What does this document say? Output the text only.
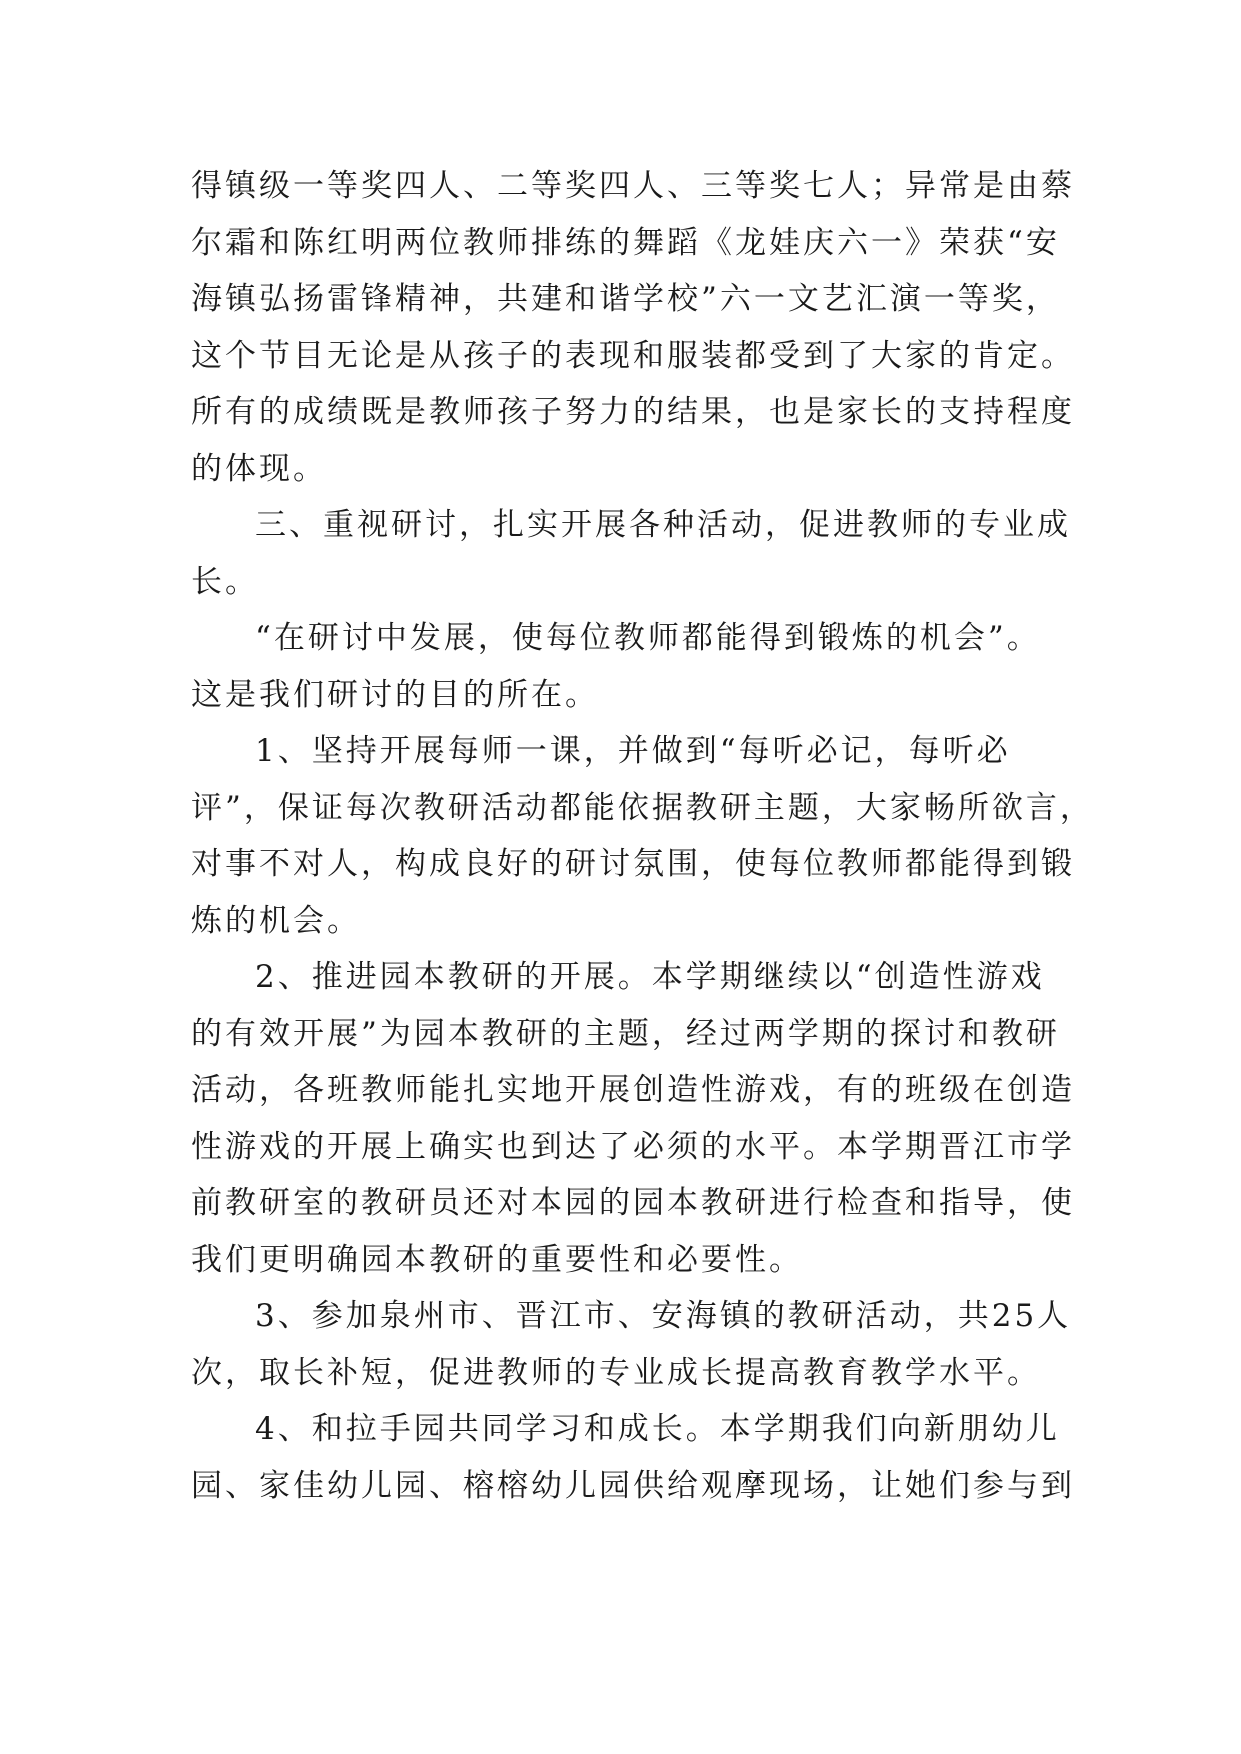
得镇级一等奖四人、二等奖四人、三等奖七人；异常是由蔡
尔霜和陈红明两位教师排练的舞蹈《龙娃庆六一》荣获“安
海镇弘扬雷锋精神，共建和谐学校”六一文艺汇演一等奖，
这个节目无论是从孩子的表现和服装都受到了大家的肯定。
所有的成绩既是教师孩子努力的结果，也是家长的支持程度
的体现。
三、重视研讨，扎实开展各种活动，促进教师的专业成
长。
“在研讨中发展，使每位教师都能得到锻炼的机会”。
这是我们研讨的目的所在。
1、坚持开展每师一课，并做到“每听必记，每听必
评”，保证每次教研活动都能依据教研主题，大家畅所欲言，
对事不对人，构成良好的研讨氛围，使每位教师都能得到锻
炼的机会。
2、推进园本教研的开展。本学期继续以“创造性游戏
的有效开展”为园本教研的主题，经过两学期的探讨和教研
活动，各班教师能扎实地开展创造性游戏，有的班级在创造
性游戏的开展上确实也到达了必须的水平。本学期晋江市学
前教研室的教研员还对本园的园本教研进行检查和指导，使
我们更明确园本教研的重要性和必要性。
3、参加泉州市、晋江市、安海镇的教研活动，共25人
次，取长补短，促进教师的专业成长提高教育教学水平。
4、和拉手园共同学习和成长。本学期我们向新朋幼儿
园、家佳幼儿园、榕榕幼儿园供给观摩现场，让她们参与到
